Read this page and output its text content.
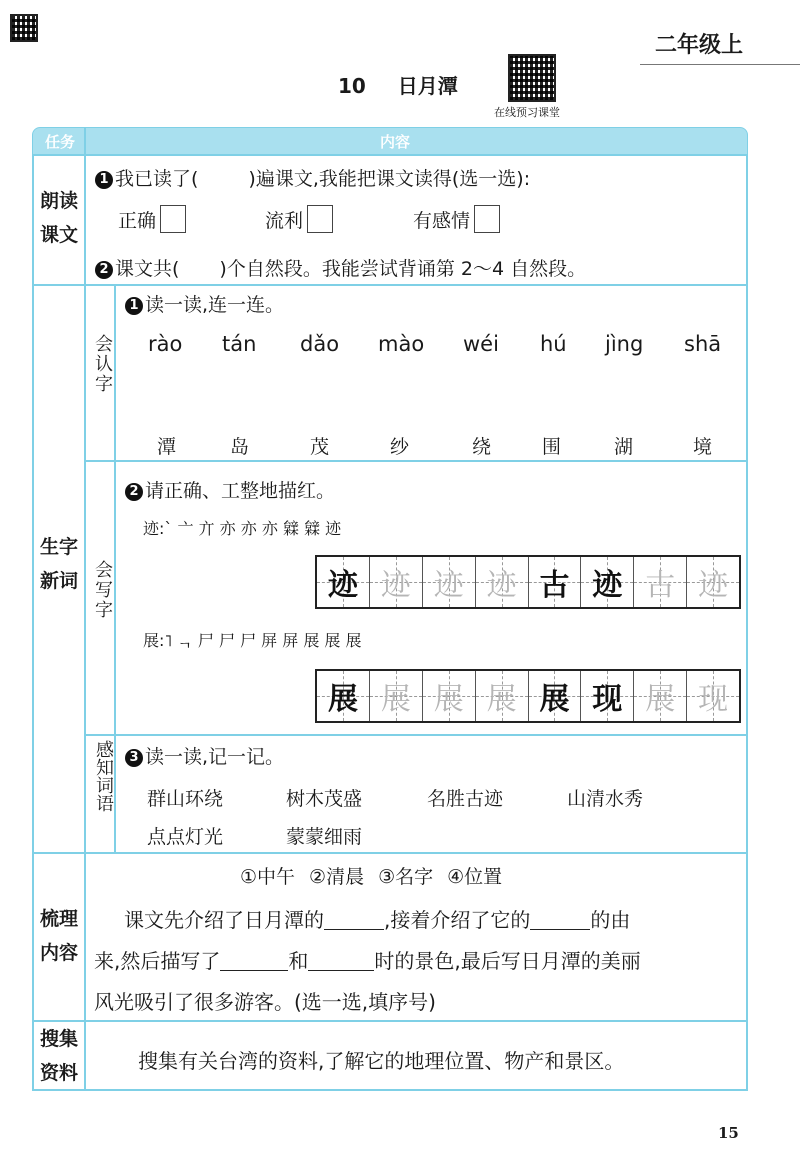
二年级上
10 日月潭
在线预习课堂
任务	内容
朗读
课文
1 我已读了(	)遍课文,我能把课文读得(选一选):
正确	流利	有感情
2 课文共( )个自然段。我能尝试背诵第 2～4 自然段。
生字
新词
会认字
1 读一读,连一连。
rào tán dǎo mào wéi hú jìng shā
潭	岛	茂	纱	绕	围	湖	境
会写字
2 请正确、工整地描红。
迹:` 亠 亣 亦 亦 亦 䢄 䢄 迹
迹 迹 迹 迹 古 迹 古 迹
展:˥ ᆨ 尸 尸 尸 屏 屏 展 展 展
展 展 展 展 展 现 展 现
感知词语	3 读一读,记一记。
群山环绕	树木茂盛	名胜古迹	山清水秀
点点灯光	蒙蒙细雨
梳理
内容
①中午 ②清晨 ③名字 ④位置
课文先介绍了日月潭的	,接着介绍了它的	的由
来,然后描写了	和	时的景色,最后写日月潭的美丽
风光吸引了很多游客。(选一选,填序号)
搜集
资料	搜集有关台湾的资料,了解它的地理位置、物产和景区。
15
